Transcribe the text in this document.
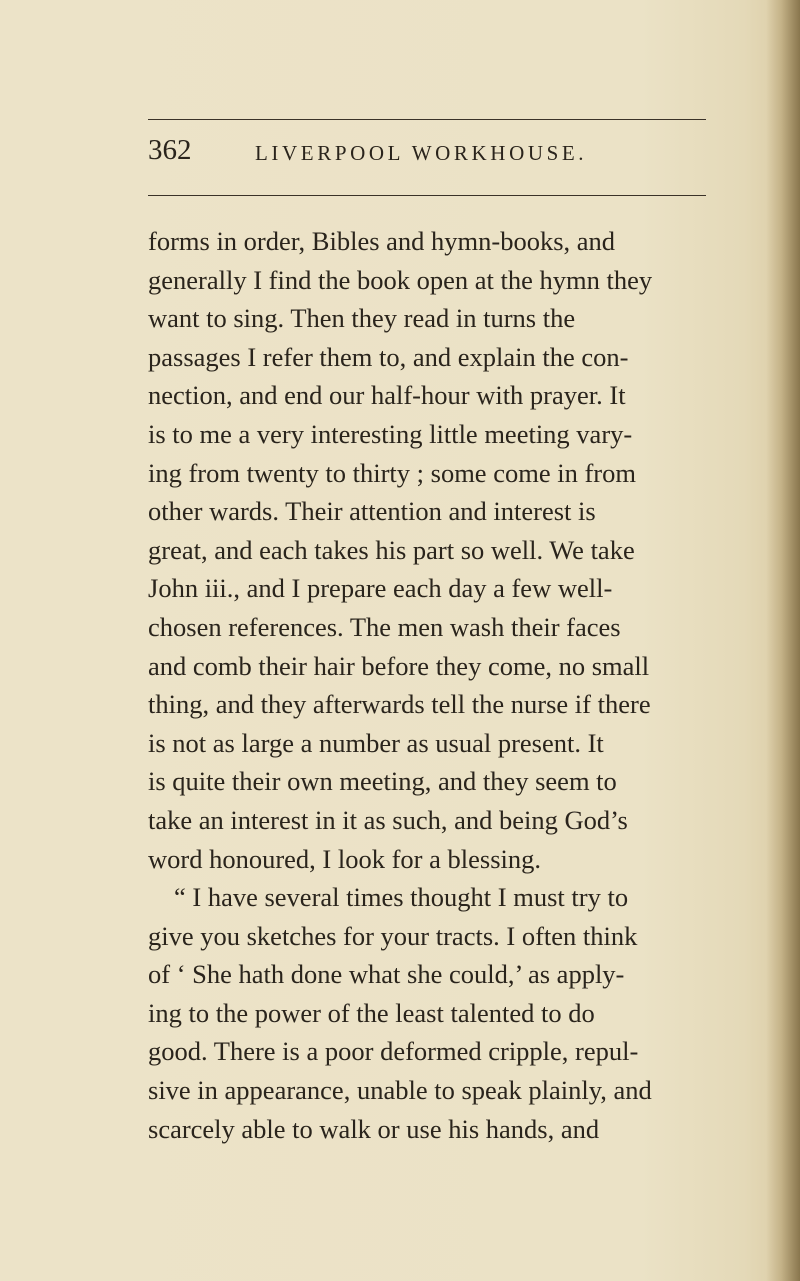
362	LIVERPOOL WORKHOUSE.
forms in order, Bibles and hymn-books, and
generally I find the book open at the hymn they
want to sing. Then they read in turns the
passages I refer them to, and explain the con-
nection, and end our half-hour with prayer. It
is to me a very interesting little meeting vary-
ing from twenty to thirty ; some come in from
other wards. Their attention and interest is
great, and each takes his part so well. We take
John iii., and I prepare each day a few well-
chosen references. The men wash their faces
and comb their hair before they come, no small
thing, and they afterwards tell the nurse if there
is not as large a number as usual present. It
is quite their own meeting, and they seem to
take an interest in it as such, and being God’s
word honoured, I look for a blessing.
“ I have several times thought I must try to
give you sketches for your tracts. I often think
of ‘ She hath done what she could,’ as apply-
ing to the power of the least talented to do
good. There is a poor deformed cripple, repul-
sive in appearance, unable to speak plainly, and
scarcely able to walk or use his hands, and
